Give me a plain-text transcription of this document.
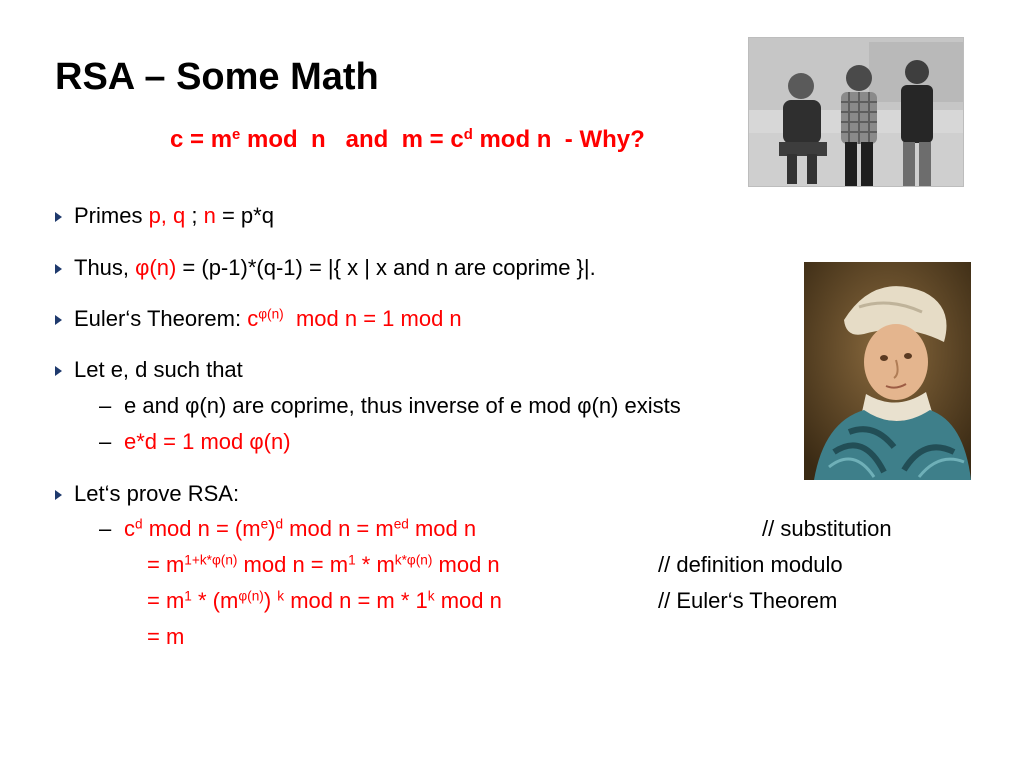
RSA – Some Math
$c = m^e$ mod  n   and  $m = c^d$ mod n  - Why?
Primes p, q ; n = p*q
Thus, φ(n) = (p-1)*(q-1) = |{ x | x and n are coprime }|.
Euler‘s Theorem: $c^{\varphi(n)}$  mod n = 1 mod n
Let e, d such that
– e and φ(n) are coprime, thus inverse of e mod φ(n) exists
– e*d = 1 mod φ(n)
Let‘s prove RSA:
– $c^d$ mod $n = (m^e)^d$ mod $n = m^{ed}$ mod n	// substitution
= $m^{1+k*\varphi(n)}$ mod $n = m^1 * m^{k*\varphi(n)}$ mod n	// definition modulo
= $m^1 * (m^{\varphi(n)})$ $^k$ mod n = m * 1$^k$ mod n	// Euler‘s Theorem
= m
